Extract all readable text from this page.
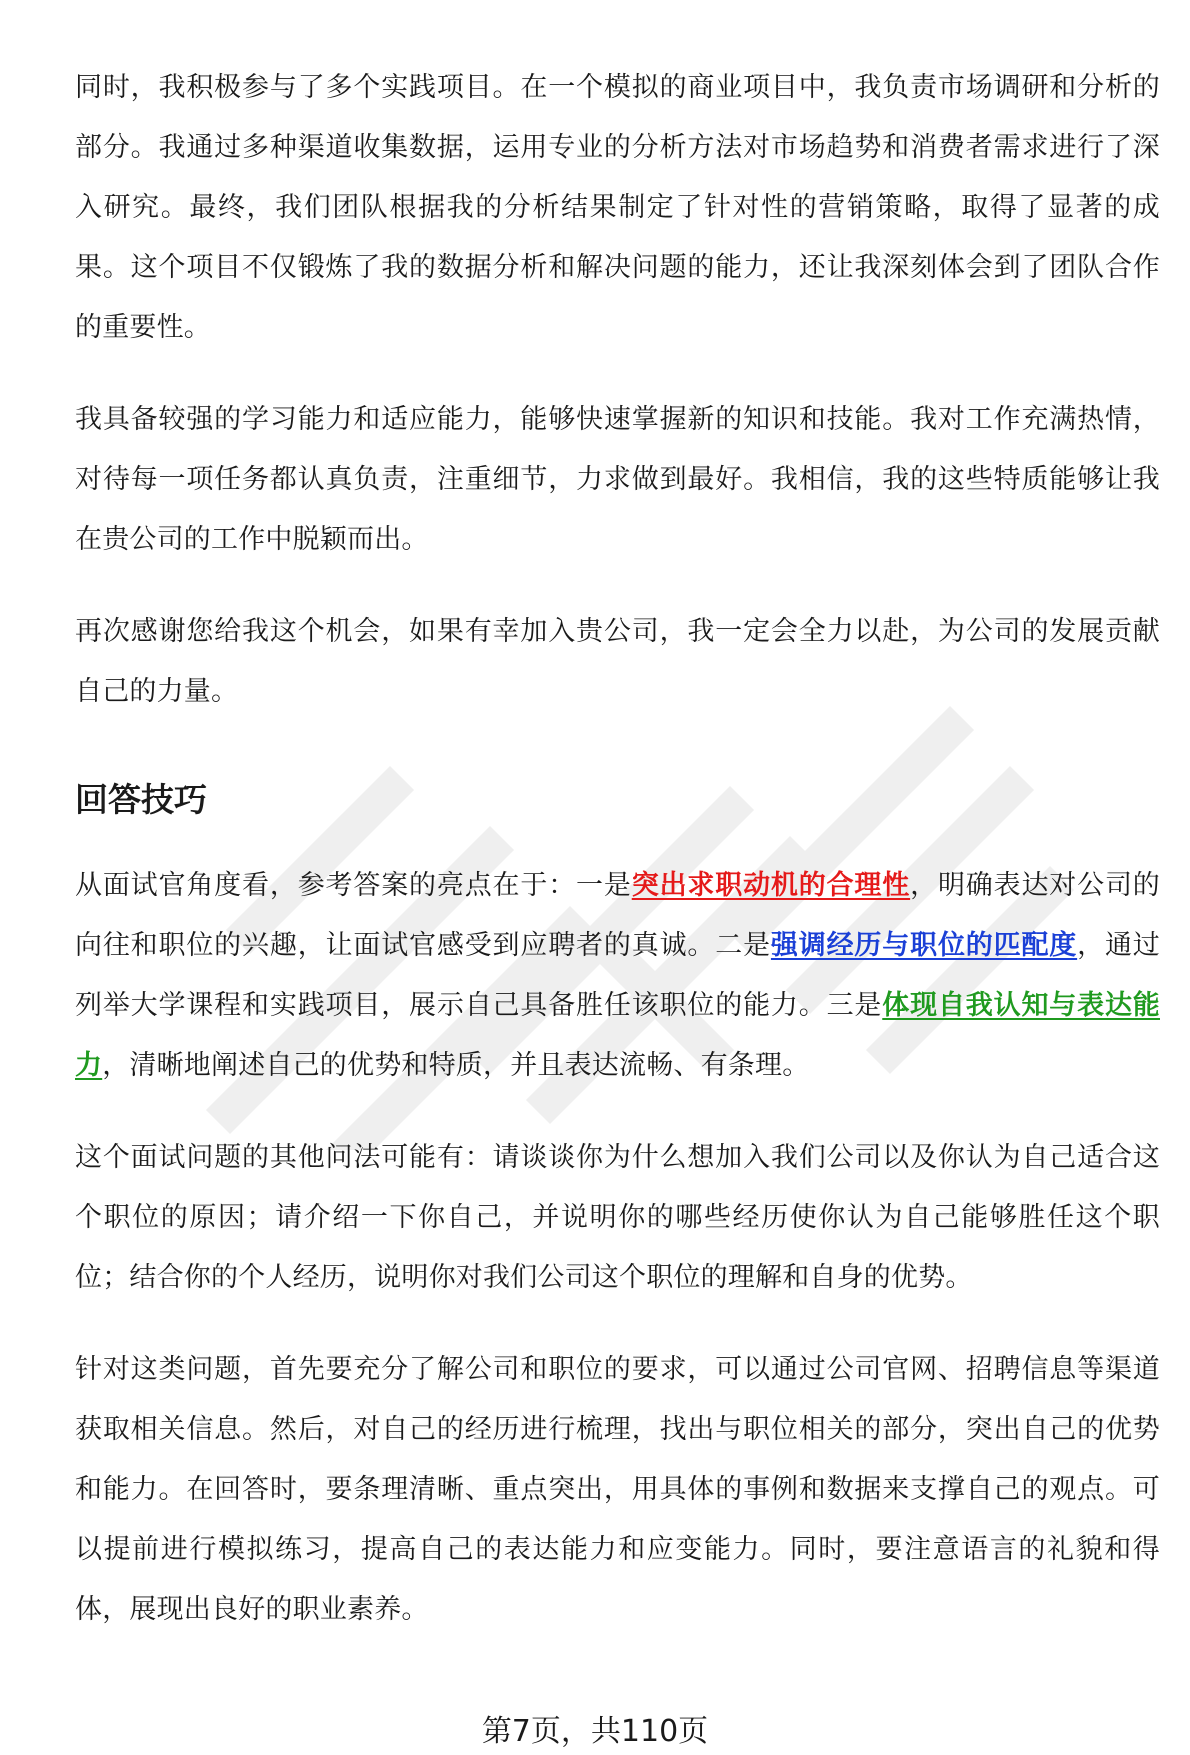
同时，我积极参与了多个实践项目。在一个模拟的商业项目中，我负责市场调研和分析的部分。我通过多种渠道收集数据，运用专业的分析方法对市场趋势和消费者需求进行了深入研究。最终，我们团队根据我的分析结果制定了针对性的营销策略，取得了显著的成果。这个项目不仅锻炼了我的数据分析和解决问题的能力，还让我深刻体会到了团队合作的重要性。

我具备较强的学习能力和适应能力，能够快速掌握新的知识和技能。我对工作充满热情，对待每一项任务都认真负责，注重细节，力求做到最好。我相信，我的这些特质能够让我在贵公司的工作中脱颖而出。

再次感谢您给我这个机会，如果有幸加入贵公司，我一定会全力以赴，为公司的发展贡献自己的力量。

回答技巧

从面试官角度看，参考答案的亮点在于：一是突出求职动机的合理性，明确表达对公司的向往和职位的兴趣，让面试官感受到应聘者的真诚。二是强调经历与职位的匹配度，通过列举大学课程和实践项目，展示自己具备胜任该职位的能力。三是体现自我认知与表达能力，清晰地阐述自己的优势和特质，并且表达流畅、有条理。

这个面试问题的其他问法可能有：请谈谈你为什么想加入我们公司以及你认为自己适合这个职位的原因；请介绍一下你自己，并说明你的哪些经历使你认为自己能够胜任这个职位；结合你的个人经历，说明你对我们公司这个职位的理解和自身的优势。

针对这类问题，首先要充分了解公司和职位的要求，可以通过公司官网、招聘信息等渠道获取相关信息。然后，对自己的经历进行梳理，找出与职位相关的部分，突出自己的优势和能力。在回答时，要条理清晰、重点突出，用具体的事例和数据来支撑自己的观点。可以提前进行模拟练习，提高自己的表达能力和应变能力。同时，要注意语言的礼貌和得体，展现出良好的职业素养。

第7页，共110页
